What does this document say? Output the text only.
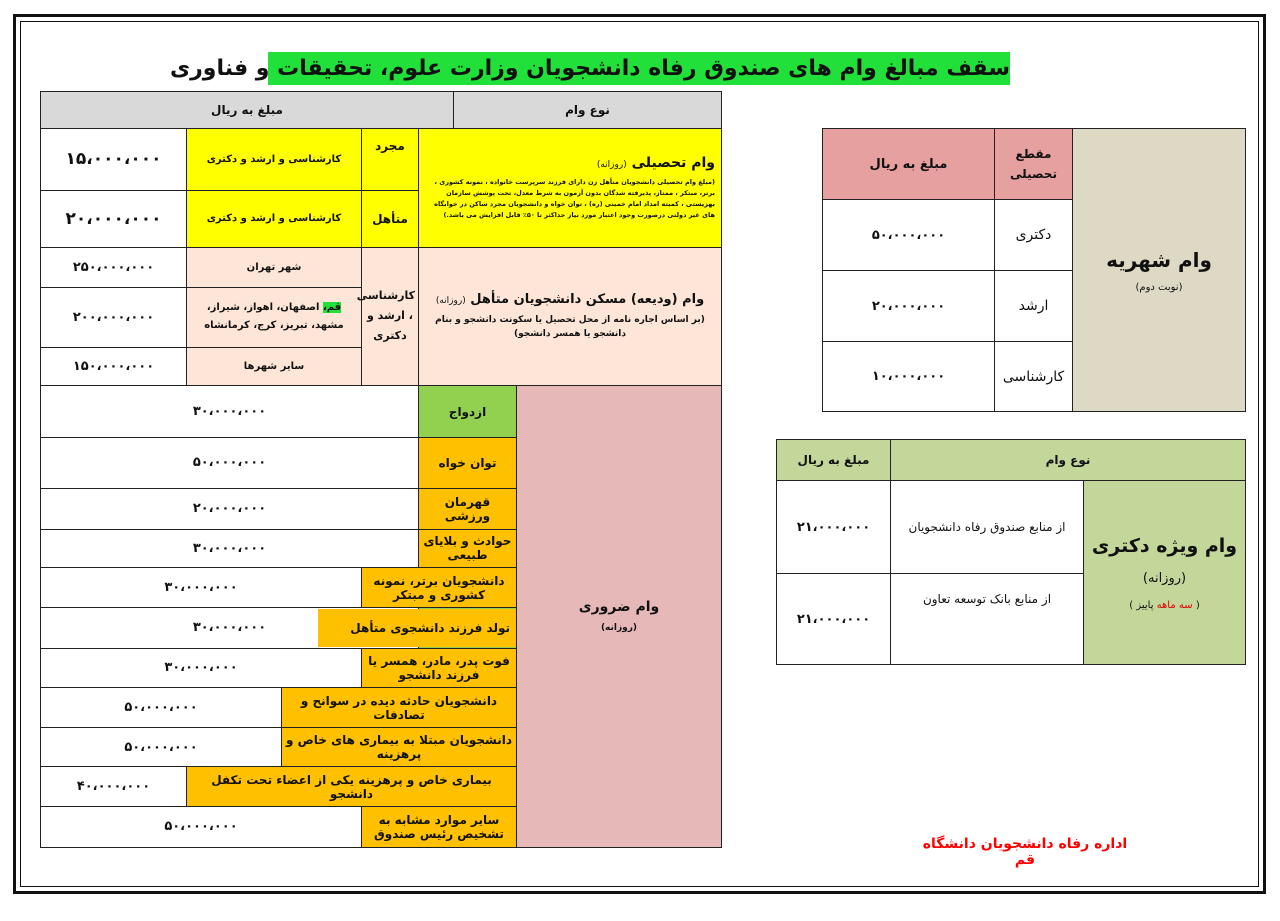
سقف مبالغ وام های صندوق رفاه دانشجویان وزارت علوم، تحقیقات و فناوری
نوع وام		مبلغ به ریال				

وام تحصیلی (روزانه)
(مبلغ وام تحصیلی دانشجویان متأهل زن دارای فرزند سرپرست خانواده ، نمونه کشوری ، برتر، مبتکر ، ممتاز، پذیرفته شدگان بدون آزمون به شرط معدل، تحت پوشش سازمان بهزیستی ، کمیته امداد امام خمینی (ره) ، توان خواه و دانشجویان مجرد ساکن در خوابگاه های غیر دولتی درصورت وجود اعتبار مورد نیاز حداکثر تا ۵۰٪ قابل افزایش می باشد.)			مجرد	کارشناسی و ارشد و دکتری		۱۵،۰۰۰،۰۰۰
			متأهل	کارشناسی و ارشد و دکتری		۲۰،۰۰۰،۰۰۰

وام (ودیعه) مسکن دانشجویان متأهل (روزانه)
(بر اساس اجاره نامه از محل تحصیل یا سکونت دانشجو و بنام دانشجو یا همسر دانشجو)			کارشناسی ، ارشد و دکتری	شهر تهران		۲۵۰،۰۰۰،۰۰۰
				قم، اصفهان، اهواز، شیراز، مشهد، تبریز، کرج، کرمانشاه		۲۰۰،۰۰۰،۰۰۰
				سایر شهرها		۱۵۰،۰۰۰،۰۰۰

وام ضروری
(روزانه)	ازدواج		۳۰،۰۰۰،۰۰۰			
	توان خواه		۵۰،۰۰۰،۰۰۰			
	قهرمان ورزشی		۲۰،۰۰۰،۰۰۰			
	حوادث و بلایای طبیعی		۳۰،۰۰۰،۰۰۰			
	دانشجویان برتر، نمونه کشوری و مبتکر			۳۰،۰۰۰،۰۰۰		
	تولد فرزند دانشجوی متأهل		۳۰،۰۰۰،۰۰۰			
	فوت پدر، مادر، همسر یا فرزند دانشجو			۳۰،۰۰۰،۰۰۰		
	دانشجویان حادثه دیده در سوانح و تصادفات				۵۰،۰۰۰،۰۰۰	
	دانشجویان مبتلا به بیماری های خاص و پرهزینه				۵۰،۰۰۰،۰۰۰	
	بیماری خاص و پرهزینه یکی از اعضاء تحت تکفل دانشجو					۴۰،۰۰۰،۰۰۰
	سایر موارد مشابه به تشخیص رئیس صندوق			۵۰،۰۰۰،۰۰۰		
وام شهریه
(نوبت دوم)	مقطع تحصیلی	مبلغ به ریال
	دکتری	۵۰،۰۰۰،۰۰۰
	ارشد	۲۰،۰۰۰،۰۰۰
	کارشناسی	۱۰،۰۰۰،۰۰۰
نوع وام		مبلغ به ریال

وام ویژه دکتری
(روزانه)
( سه ماهه پاییز )	از منابع صندوق رفاه دانشجویان	۲۱،۰۰۰،۰۰۰
	از منابع بانک توسعه تعاون	۲۱،۰۰۰،۰۰۰
اداره رفاه دانشجویان دانشگاه قم
